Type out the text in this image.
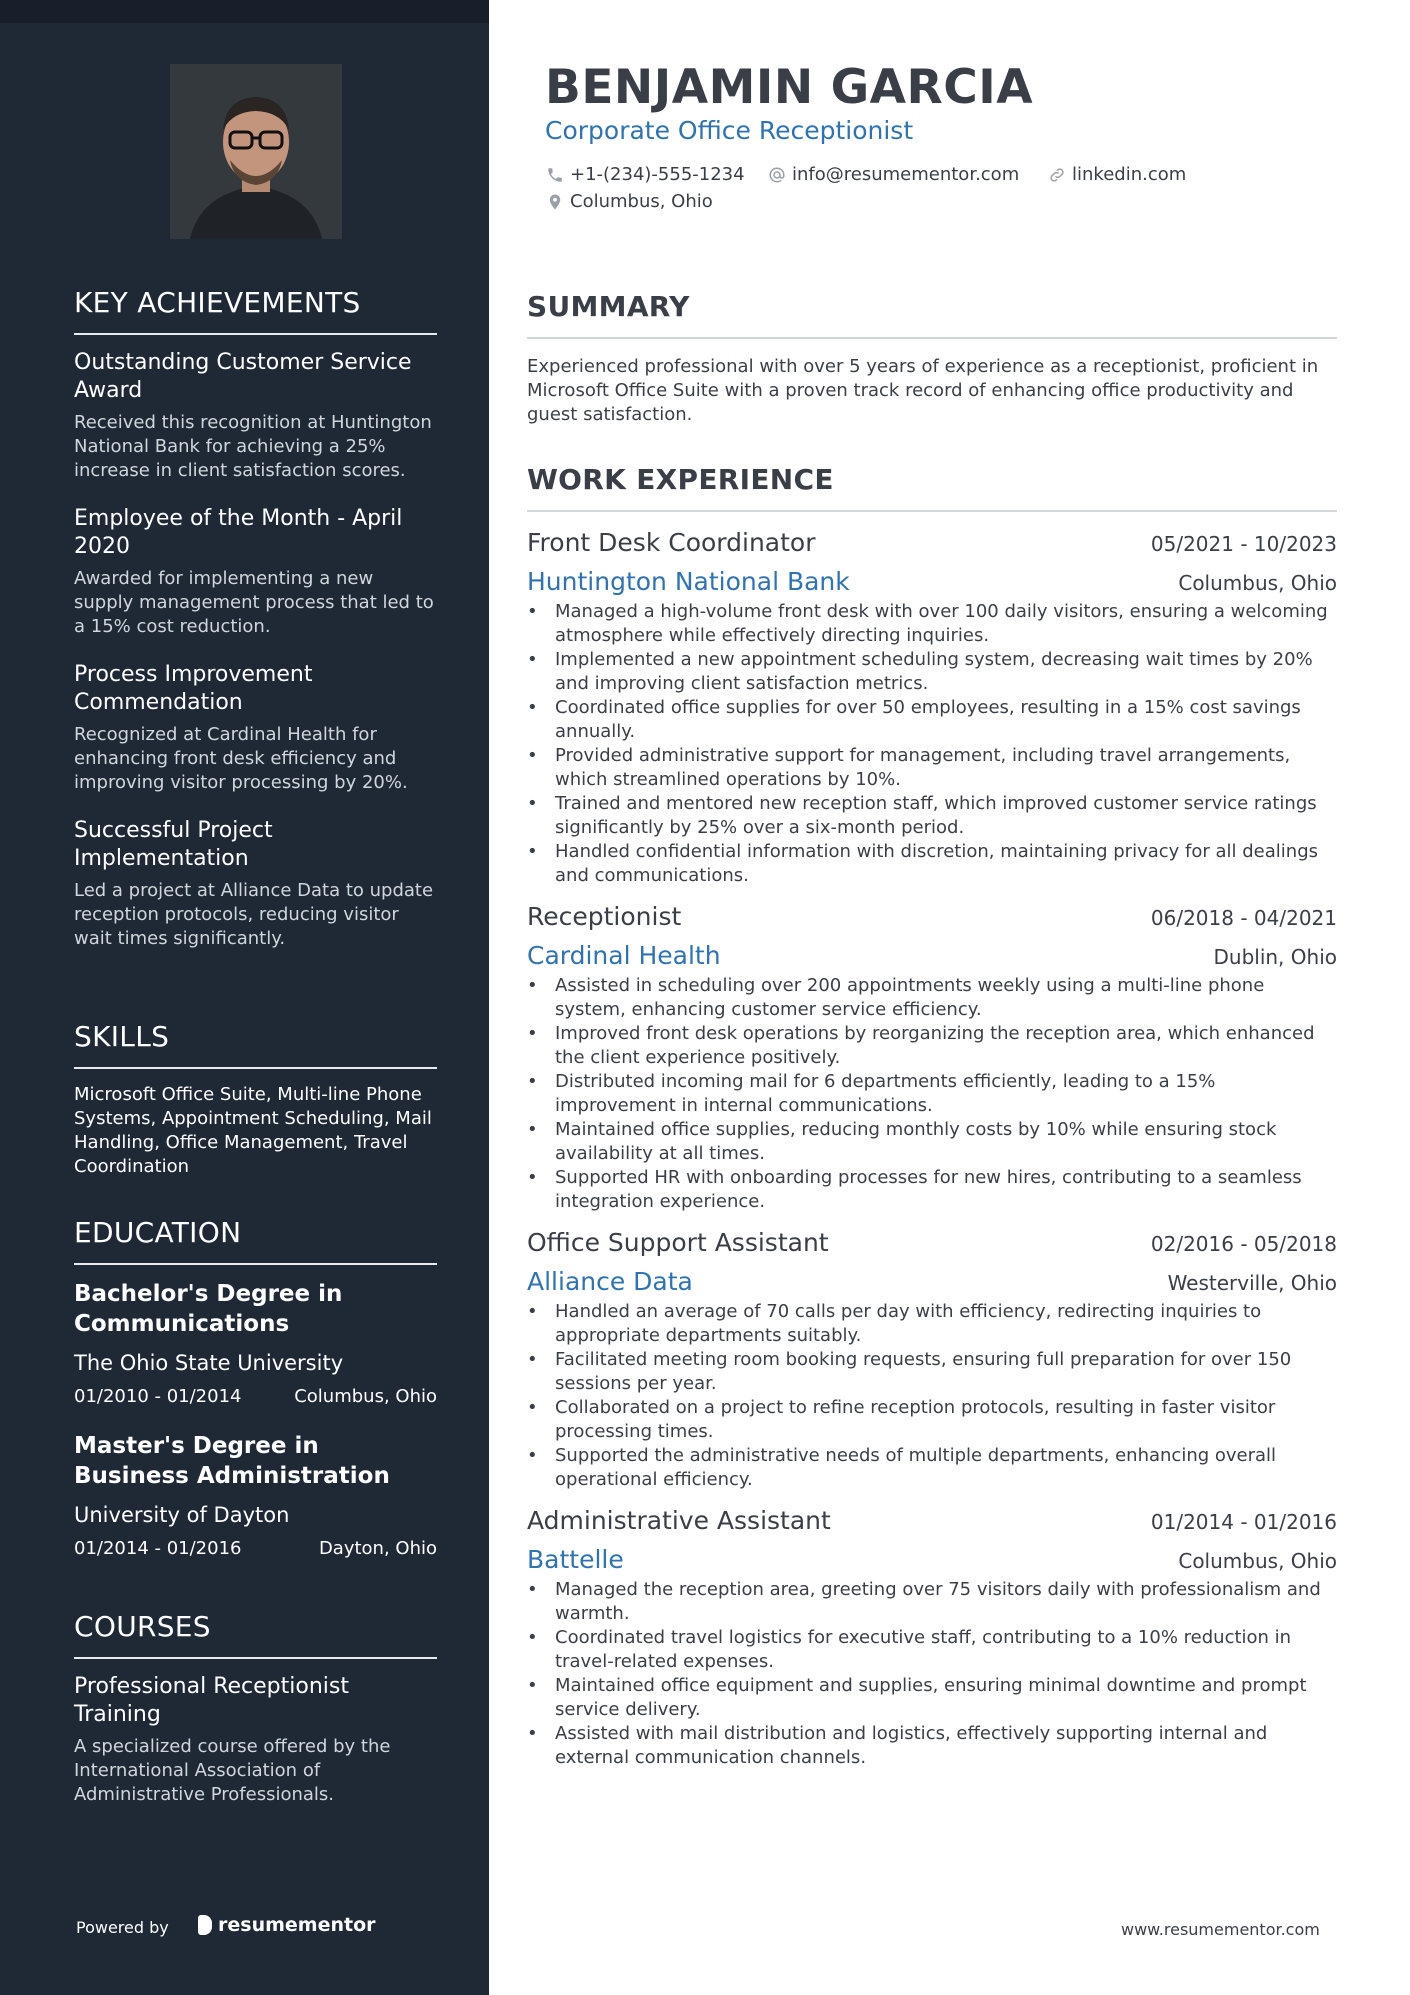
KEY ACHIEVEMENTS
Outstanding Customer Service Award
Received this recognition at Huntington National Bank for achieving a 25% increase in client satisfaction scores.
Employee of the Month - April 2020
Awarded for implementing a new supply management process that led to a 15% cost reduction.
Process Improvement Commendation
Recognized at Cardinal Health for enhancing front desk efficiency and improving visitor processing by 20%.
Successful Project Implementation
Led a project at Alliance Data to update reception protocols, reducing visitor wait times significantly.
SKILLS
Microsoft Office Suite, Multi-line Phone Systems, Appointment Scheduling, Mail Handling, Office Management, Travel Coordination
EDUCATION
Bachelor's Degree in Communications
The Ohio State University
01/2010 - 01/2014	Columbus, Ohio
Master's Degree in Business Administration
University of Dayton
01/2014 - 01/2016	Dayton, Ohio
COURSES
Professional Receptionist Training
A specialized course offered by the International Association of Administrative Professionals.
Powered by	resumementor
BENJAMIN GARCIA
Corporate Office Receptionist
+1-(234)-555-1234	info@resumementor.com	linkedin.com
Columbus, Ohio
SUMMARY

Experienced professional with over 5 years of experience as a receptionist, proficient in Microsoft Office Suite with a proven track record of enhancing office productivity and guest satisfaction.

WORK EXPERIENCE
Front Desk Coordinator	05/2021 - 10/2023
Huntington National Bank	Columbus, Ohio
• Managed a high-volume front desk with over 100 daily visitors, ensuring a welcoming atmosphere while effectively directing inquiries.
• Implemented a new appointment scheduling system, decreasing wait times by 20% and improving client satisfaction metrics.
• Coordinated office supplies for over 50 employees, resulting in a 15% cost savings annually.
• Provided administrative support for management, including travel arrangements, which streamlined operations by 10%.
• Trained and mentored new reception staff, which improved customer service ratings significantly by 25% over a six-month period.
• Handled confidential information with discretion, maintaining privacy for all dealings and communications.
Receptionist	06/2018 - 04/2021
Cardinal Health	Dublin, Ohio
• Assisted in scheduling over 200 appointments weekly using a multi-line phone system, enhancing customer service efficiency.
• Improved front desk operations by reorganizing the reception area, which enhanced the client experience positively.
• Distributed incoming mail for 6 departments efficiently, leading to a 15% improvement in internal communications.
• Maintained office supplies, reducing monthly costs by 10% while ensuring stock availability at all times.
• Supported HR with onboarding processes for new hires, contributing to a seamless integration experience.
Office Support Assistant	02/2016 - 05/2018
Alliance Data	Westerville, Ohio
• Handled an average of 70 calls per day with efficiency, redirecting inquiries to appropriate departments suitably.
• Facilitated meeting room booking requests, ensuring full preparation for over 150 sessions per year.
• Collaborated on a project to refine reception protocols, resulting in faster visitor processing times.
• Supported the administrative needs of multiple departments, enhancing overall operational efficiency.
Administrative Assistant	01/2014 - 01/2016
Battelle	Columbus, Ohio
• Managed the reception area, greeting over 75 visitors daily with professionalism and warmth.
• Coordinated travel logistics for executive staff, contributing to a 10% reduction in travel-related expenses.
• Maintained office equipment and supplies, ensuring minimal downtime and prompt service delivery.
• Assisted with mail distribution and logistics, effectively supporting internal and external communication channels.
www.resumementor.com
